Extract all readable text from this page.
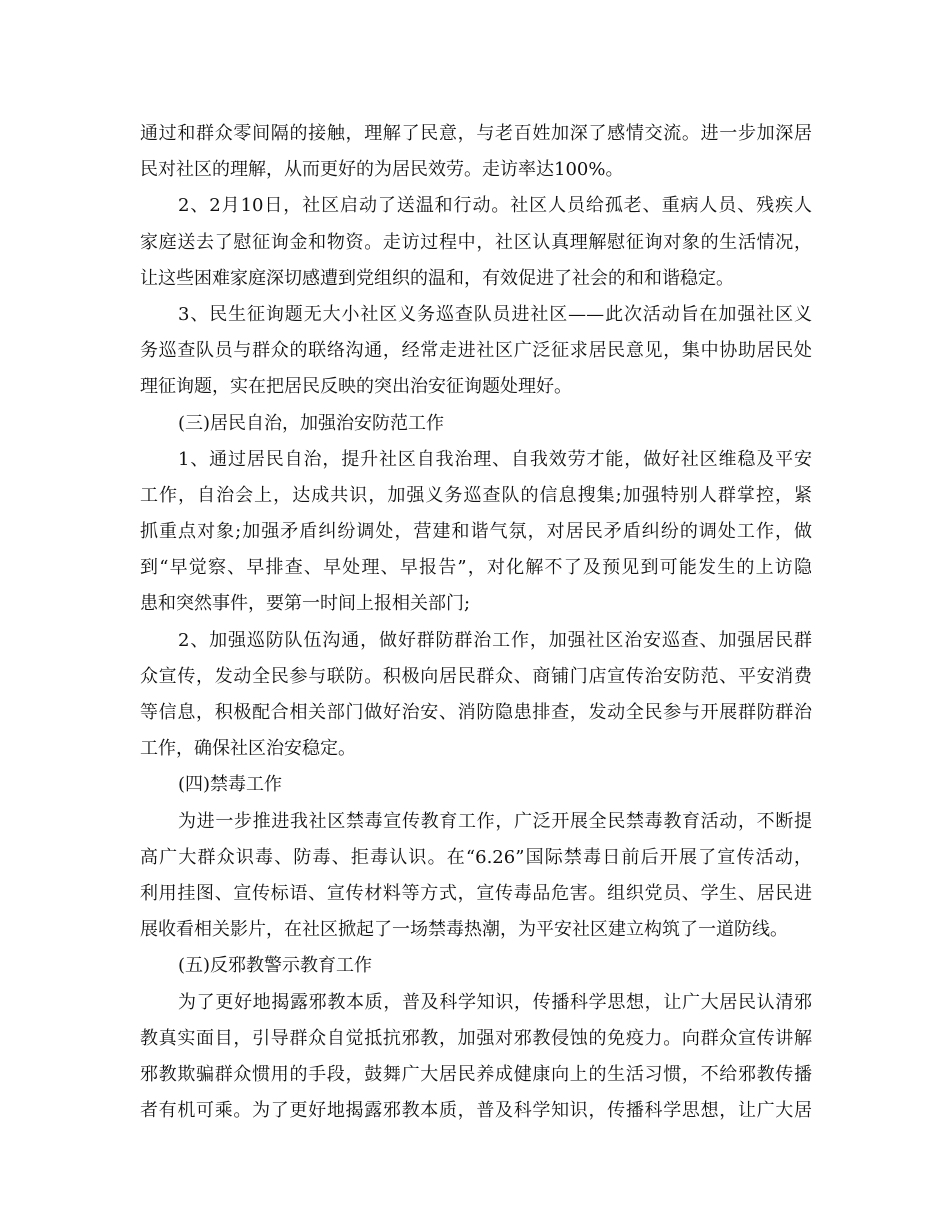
通过和群众零间隔的接触，理解了民意，与老百姓加深了感情交流。进一步加深居
民对社区的理解，从而更好的为居民效劳。走访率达100%。
2、2月10日，社区启动了送温和行动。社区人员给孤老、重病人员、残疾人
家庭送去了慰征询金和物资。走访过程中，社区认真理解慰征询对象的生活情况，
让这些困难家庭深切感遭到党组织的温和，有效促进了社会的和和谐稳定。
3、民生征询题无大小社区义务巡查队员进社区——此次活动旨在加强社区义
务巡查队员与群众的联络沟通，经常走进社区广泛征求居民意见，集中协助居民处
理征询题，实在把居民反映的突出治安征询题处理好。
(三)居民自治，加强治安防范工作
1、通过居民自治，提升社区自我治理、自我效劳才能，做好社区维稳及平安
工作，自治会上，达成共识，加强义务巡查队的信息搜集;加强特别人群掌控，紧
抓重点对象;加强矛盾纠纷调处，营建和谐气氛，对居民矛盾纠纷的调处工作，做
到“早觉察、早排查、早处理、早报告”，对化解不了及预见到可能发生的上访隐
患和突然事件，要第一时间上报相关部门;
2、加强巡防队伍沟通，做好群防群治工作，加强社区治安巡查、加强居民群
众宣传，发动全民参与联防。积极向居民群众、商铺门店宣传治安防范、平安消费
等信息，积极配合相关部门做好治安、消防隐患排查，发动全民参与开展群防群治
工作，确保社区治安稳定。
(四)禁毒工作
为进一步推进我社区禁毒宣传教育工作，广泛开展全民禁毒教育活动，不断提
高广大群众识毒、防毒、拒毒认识。在“6.26”国际禁毒日前后开展了宣传活动，
利用挂图、宣传标语、宣传材料等方式，宣传毒品危害。组织党员、学生、居民进
展收看相关影片，在社区掀起了一场禁毒热潮，为平安社区建立构筑了一道防线。
(五)反邪教警示教育工作
为了更好地揭露邪教本质，普及科学知识，传播科学思想，让广大居民认清邪
教真实面目，引导群众自觉抵抗邪教，加强对邪教侵蚀的免疫力。向群众宣传讲解
邪教欺骗群众惯用的手段，鼓舞广大居民养成健康向上的生活习惯，不给邪教传播
者有机可乘。为了更好地揭露邪教本质，普及科学知识，传播科学思想，让广大居
